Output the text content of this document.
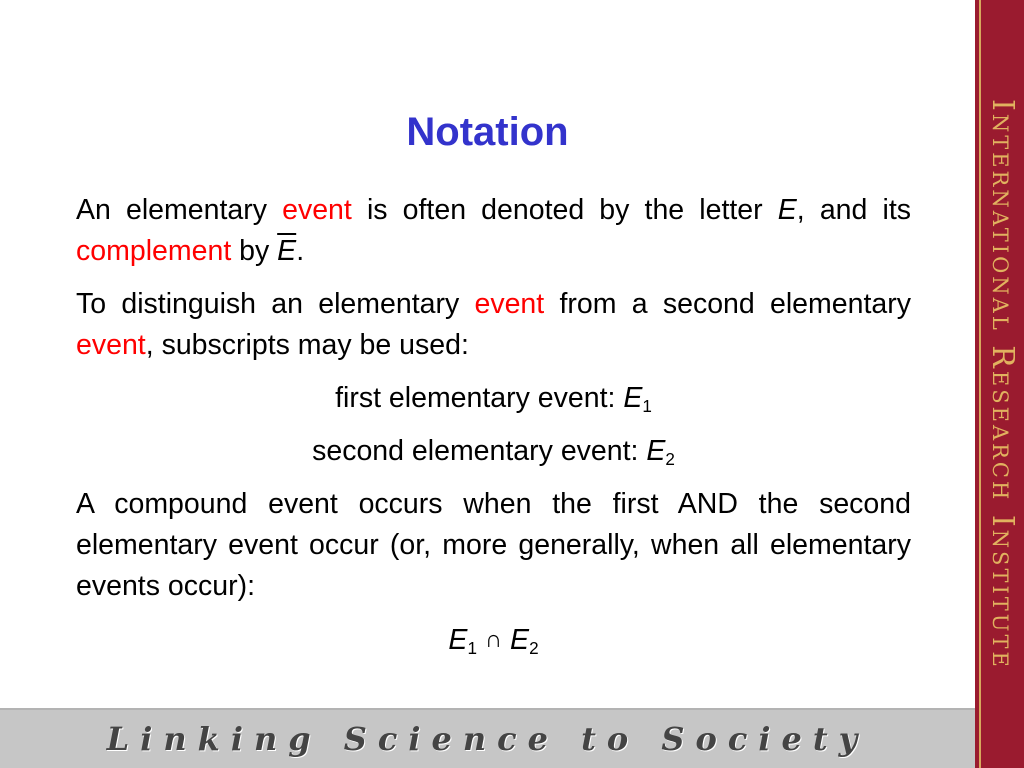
Notation

An elementary event is often denoted by the letter E, and its complement by $\overline{E}$.

To distinguish an elementary event from a second elementary event, subscripts may be used:

first elementary event: $E_1$

second elementary event: $E_2$

A compound event occurs when the first AND the second elementary event occur (or, more generally, when all elementary events occur):

$E_1$ ∩ $E_2$	International Research Institute
Linking Science to Society
